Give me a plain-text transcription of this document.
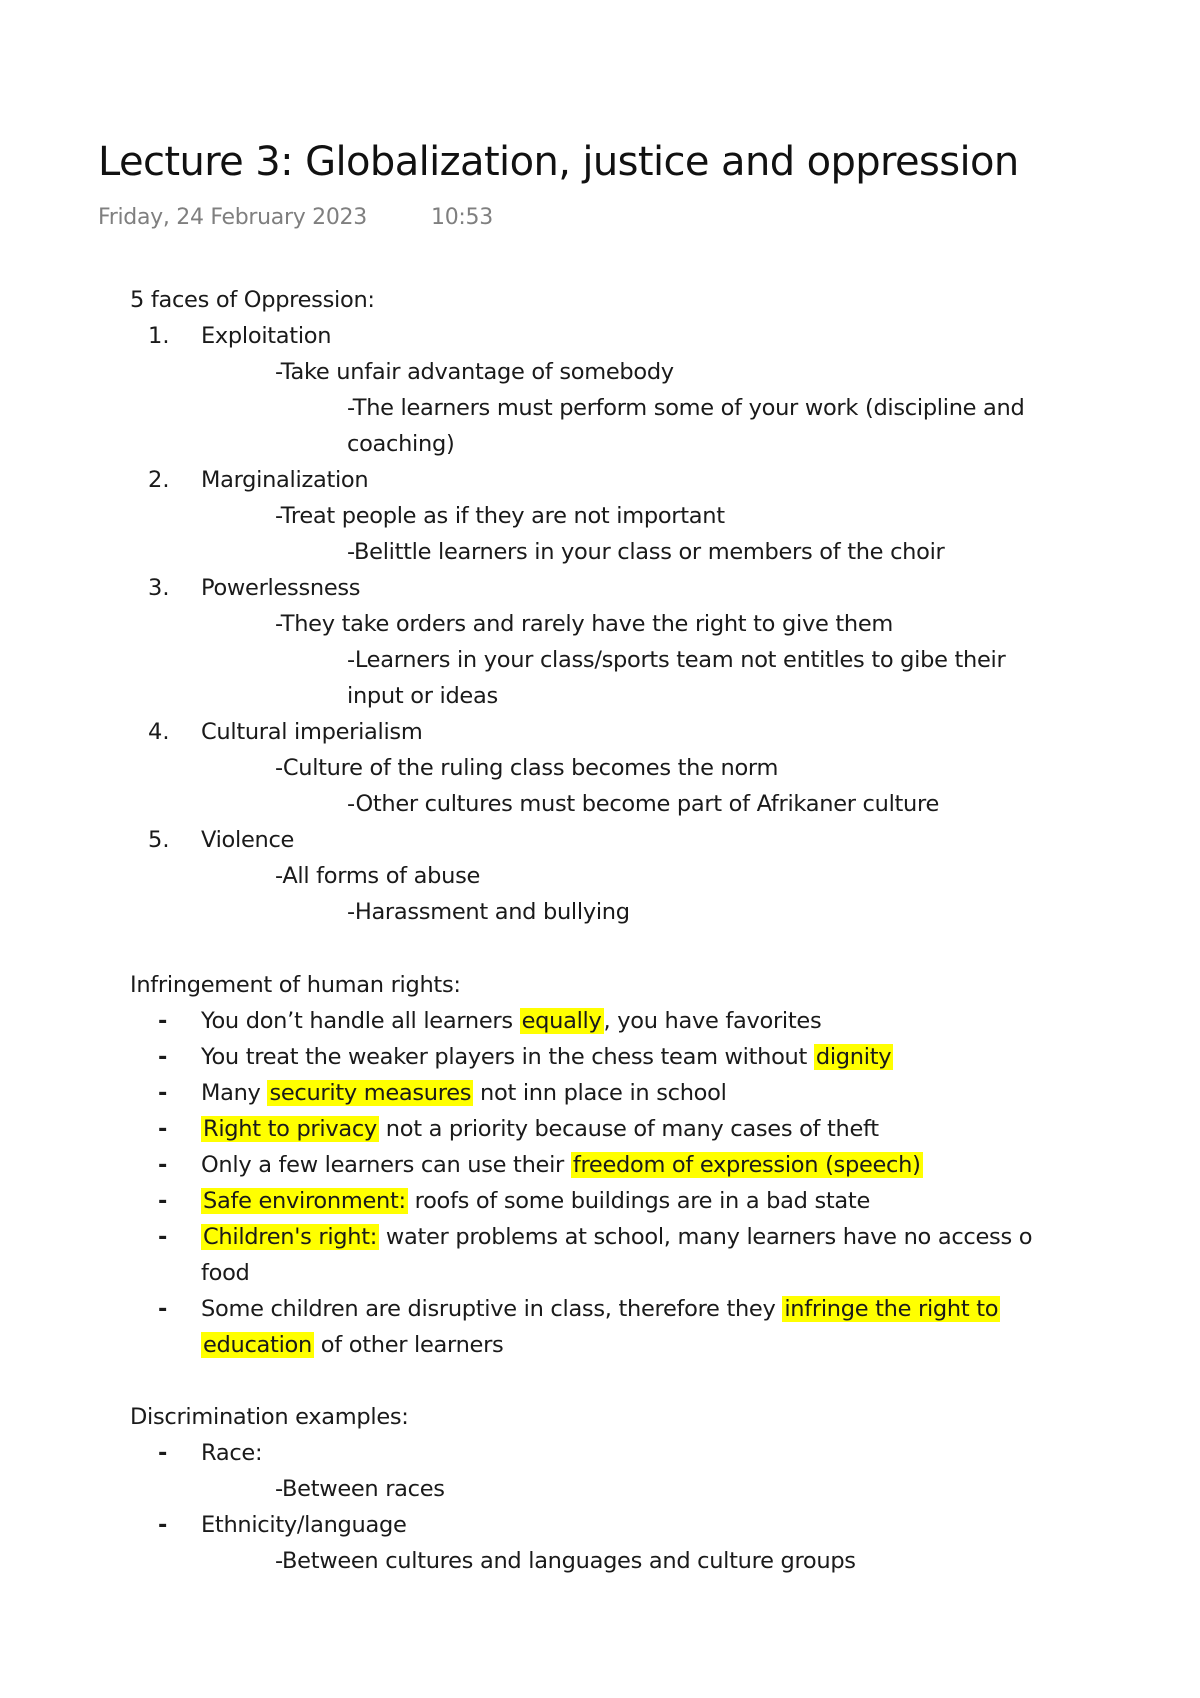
Lecture 3: Globalization, justice and oppression
Friday, 24 February 2023	10:53
5 faces of Oppression:
1. Exploitation
-Take unfair advantage of somebody
-The learners must perform some of your work (discipline and
coaching)
2. Marginalization
-Treat people as if they are not important
-Belittle learners in your class or members of the choir
3. Powerlessness
-They take orders and rarely have the right to give them
-Learners in your class/sports team not entitles to gibe their
input or ideas
4. Cultural imperialism
-Culture of the ruling class becomes the norm
-Other cultures must become part of Afrikaner culture
5. Violence
-All forms of abuse
-Harassment and bullying
Infringement of human rights:
- You don’t handle all learners equally, you have favorites
- You treat the weaker players in the chess team without dignity
- Many security measures not inn place in school
- Right to privacy not a priority because of many cases of theft
- Only a few learners can use their freedom of expression (speech)
- Safe environment: roofs of some buildings are in a bad state
- Children's right: water problems at school, many learners have no access o
food
- Some children are disruptive in class, therefore they infringe the right to
education of other learners
Discrimination examples:
- Race:
-Between races
- Ethnicity/language
-Between cultures and languages and culture groups
